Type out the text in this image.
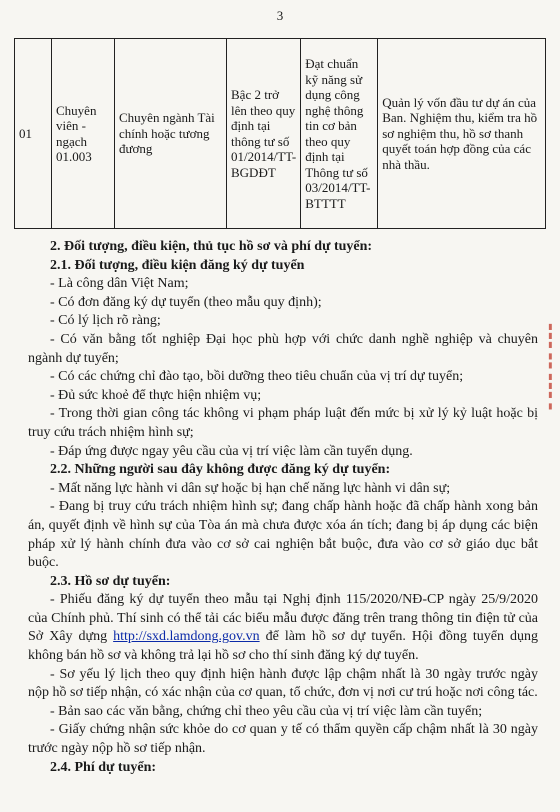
3
01	Chuyên viên - ngạch 01.003	Chuyên ngành Tài chính hoặc tương đương	Bậc 2 trở lên theo quy định tại thông tư số 01/2014/TT-BGDĐT	Đạt chuẩn kỹ năng sử dụng công nghệ thông tin cơ bản theo quy định tại Thông tư số 03/2014/TT-BTTTT	Quản lý vốn đầu tư dự án của Ban. Nghiệm thu, kiểm tra hồ sơ nghiệm thu, hồ sơ thanh quyết toán hợp đồng của các nhà thầu.

2. Đối tượng, điều kiện, thủ tục hồ sơ và phí dự tuyển:

2.1. Đối tượng, điều kiện đăng ký dự tuyển

- Là công dân Việt Nam;

- Có đơn đăng ký dự tuyển (theo mẫu quy định);

- Có lý lịch rõ ràng;

- Có văn bằng tốt nghiệp Đại học phù hợp với chức danh nghề nghiệp và chuyên ngành dự tuyển;

- Có các chứng chỉ đào tạo, bồi dưỡng theo tiêu chuẩn của vị trí dự tuyển;

- Đủ sức khoẻ để thực hiện nhiệm vụ;

- Trong thời gian công tác không vi phạm pháp luật đến mức bị xử lý kỷ luật hoặc bị truy cứu trách nhiệm hình sự;

- Đáp ứng được ngay yêu cầu của vị trí việc làm cần tuyển dụng.

2.2. Những người sau đây không được đăng ký dự tuyển:

- Mất năng lực hành vi dân sự hoặc bị hạn chế năng lực hành vi dân sự;

- Đang bị truy cứu trách nhiệm hình sự; đang chấp hành hoặc đã chấp hành xong bản án, quyết định về hình sự của Tòa án mà chưa được xóa án tích; đang bị áp dụng các biện pháp xử lý hành chính đưa vào cơ sở cai nghiện bắt buộc, đưa vào cơ sở giáo dục bắt buộc.

2.3. Hồ sơ dự tuyển:

- Phiếu đăng ký dự tuyển theo mẫu tại Nghị định 115/2020/NĐ-CP ngày 25/9/2020 của Chính phủ. Thí sinh có thể tải các biểu mẫu được đăng trên trang thông tin điện tử của Sở Xây dựng http://sxd.lamdong.gov.vn để làm hồ sơ dự tuyển. Hội đồng tuyển dụng không bán hồ sơ và không trả lại hồ sơ cho thí sinh đăng ký dự tuyển.

- Sơ yếu lý lịch theo quy định hiện hành được lập chậm nhất là 30 ngày trước ngày nộp hồ sơ tiếp nhận, có xác nhận của cơ quan, tổ chức, đơn vị nơi cư trú hoặc nơi công tác.

- Bản sao các văn bằng, chứng chỉ theo yêu cầu của vị trí việc làm cần tuyển;

- Giấy chứng nhận sức khỏe do cơ quan y tế có thẩm quyền cấp chậm nhất là 30 ngày trước ngày nộp hồ sơ tiếp nhận.

2.4. Phí dự tuyển:

▮▮▮ ▮▮ ▮▮▮ ▮
